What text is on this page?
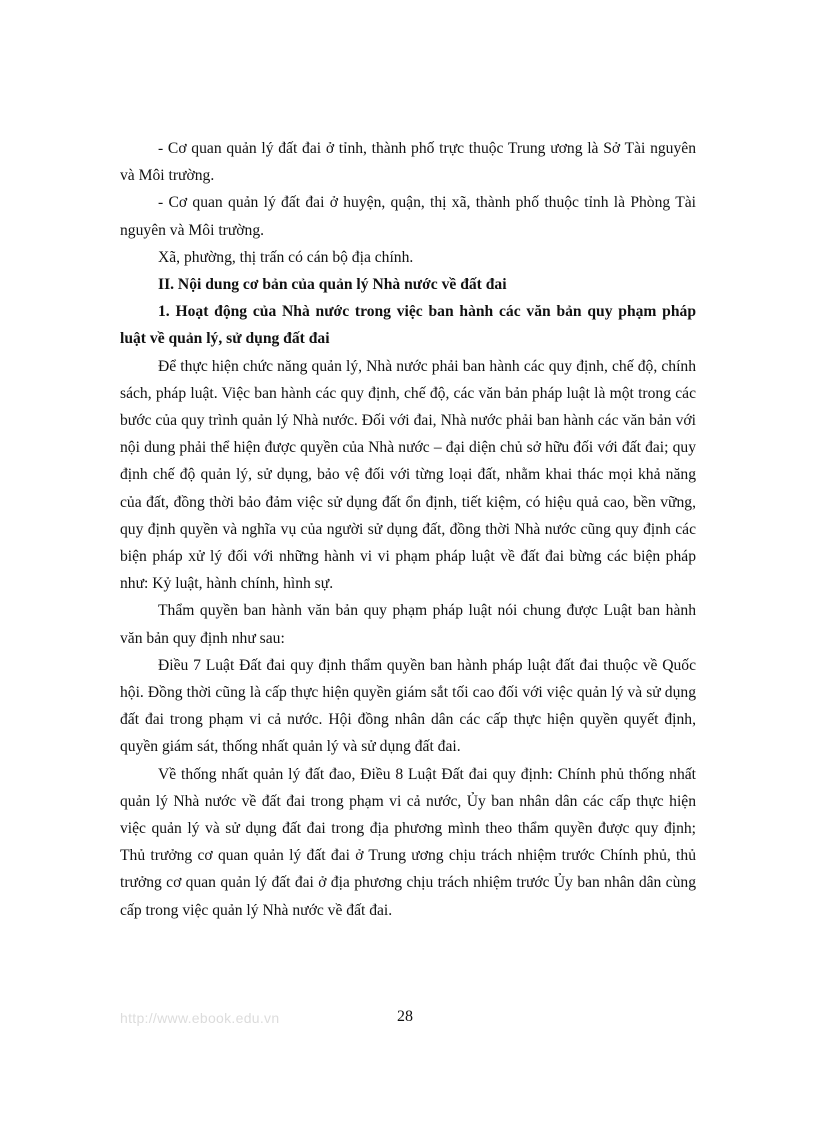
- Cơ quan quản lý đất đai ở tỉnh, thành phố trực thuộc Trung ương là Sở Tài nguyên và Môi trường.

- Cơ quan quản lý đất đai ở huyện, quận, thị xã, thành phố thuộc tỉnh là Phòng Tài nguyên và Môi trường.

Xã, phường, thị trấn có cán bộ địa chính.

II. Nội dung cơ bản của quản lý Nhà nước về đất đai

1. Hoạt động của Nhà nước trong việc ban hành các văn bản quy phạm pháp luật về quản lý, sử dụng đất đai

Để thực hiện chức năng quản lý, Nhà nước phải ban hành các quy định, chế độ, chính sách, pháp luật. Việc ban hành các quy định, chế độ, các văn bản pháp luật là một trong các bước của quy trình quản lý Nhà nước. Đối với đai, Nhà nước phải ban hành các văn bản với nội dung phải thể hiện được quyền của Nhà nước – đại diện chủ sở hữu đối với đất đai; quy định chế độ quản lý, sử dụng, bảo vệ đối với từng loại đất, nhằm khai thác mọi khả năng của đất, đồng thời bảo đảm việc sử dụng đất ổn định, tiết kiệm, có hiệu quả cao, bền vững, quy định quyền và nghĩa vụ của người sử dụng đất, đồng thời Nhà nước cũng quy định các biện pháp xử lý đối với những hành vi vi phạm pháp luật về đất đai bừng các biện pháp như: Kỷ luật, hành chính, hình sự.

Thẩm quyền ban hành văn bản quy phạm pháp luật nói chung được Luật ban hành văn bản quy định như sau:

Điều 7 Luật Đất đai quy định thẩm quyền ban hành pháp luật đất đai thuộc về Quốc hội. Đồng thời cũng là cấp thực hiện quyền giám sắt tối cao đối với việc quản lý và sử dụng đất đai trong phạm vi cả nước. Hội đồng nhân dân các cấp thực hiện quyền quyết định, quyền giám sát, thống nhất quản lý và sử dụng đất đai.

Về thống nhất quản lý đất đao, Điều 8 Luật Đất đai quy định: Chính phủ thống nhất quản lý Nhà nước về đất đai trong phạm vi cả nước, Ủy ban nhân dân các cấp thực hiện việc quản lý và sử dụng đất đai trong địa phương mình theo thẩm quyền được quy định; Thủ trưởng cơ quan quản lý đất đai ở Trung ương chịu trách nhiệm trước Chính phủ, thủ trưởng cơ quan quản lý đất đai ở địa phương chịu trách nhiệm trước Ủy ban nhân dân cùng cấp trong việc quản lý Nhà nước về đất đai.

http://www.ebook.edu.vn	28
